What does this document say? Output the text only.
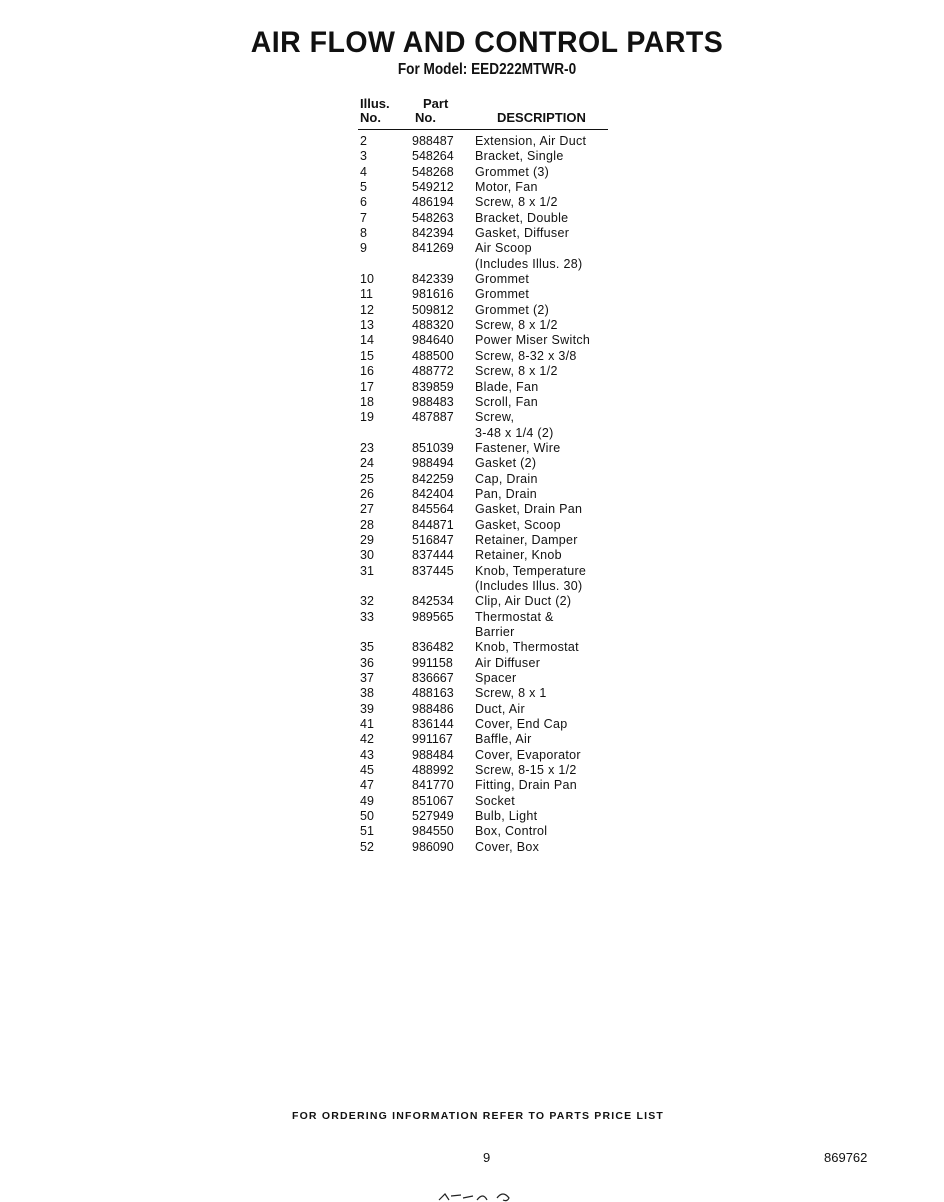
AIR FLOW AND CONTROL PARTS
For Model: EED222MTWR-0
Illus.
No.
Part
No.	DESCRIPTION
2	988487 Extension, Air Duct
3	548264 Bracket, Single
4	548268 Grommet (3)
5	549212 Motor, Fan
6	486194 Screw, 8 x 1/2
7	548263 Bracket, Double
8	842394 Gasket, Diffuser
9	841269 Air Scoop
(Includes Illus. 28)
10	842339 Grommet
11	981616 Grommet
12	509812 Grommet (2)
13	488320 Screw, 8 x 1/2
14	984640 Power Miser Switch
15	488500 Screw, 8-32 x 3/8
16	488772 Screw, 8 x 1/2
17	839859 Blade, Fan
18	988483 Scroll, Fan
19	487887 Screw,
3-48 x 1/4 (2)
23	851039 Fastener, Wire
24	988494 Gasket (2)
25	842259 Cap, Drain
26	842404 Pan, Drain
27	845564 Gasket, Drain Pan
28	844871 Gasket, Scoop
29	516847 Retainer, Damper
30	837444 Retainer, Knob
31	837445 Knob, Temperature
(Includes Illus. 30)
32	842534 Clip, Air Duct (2)
33	989565 Thermostat &
Barrier
35	836482 Knob, Thermostat
36	991158 Air Diffuser
37	836667 Spacer
38	488163 Screw, 8 x 1
39	988486 Duct, Air
41	836144 Cover, End Cap
42	991167 Baffle, Air
43	988484 Cover, Evaporator
45	488992 Screw, 8-15 x 1/2
47	841770 Fitting, Drain Pan
49	851067 Socket
50	527949 Bulb, Light
51	984550 Box, Control
52	986090 Cover, Box
FOR ORDERING INFORMATION REFER TO PARTS PRICE LIST
9	869762
